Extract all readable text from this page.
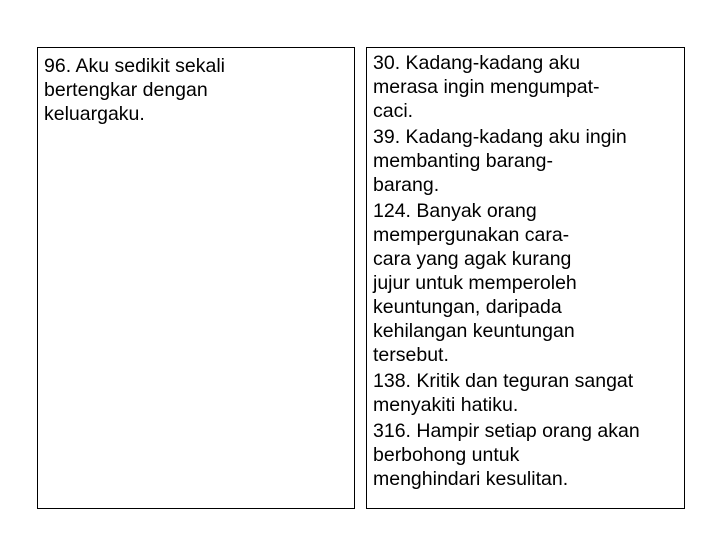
96. Aku sedikit sekali
bertengkar dengan
keluargaku.
30. Kadang-kadang aku
merasa ingin mengumpat-
caci.
39. Kadang-kadang aku ingin
membanting barang-
barang.
124. Banyak orang
mempergunakan cara-
cara yang agak kurang
jujur untuk memperoleh
keuntungan, daripada
kehilangan keuntungan
tersebut.
138. Kritik dan teguran sangat
menyakiti hatiku.
316. Hampir setiap orang akan
berbohong untuk
menghindari kesulitan.
